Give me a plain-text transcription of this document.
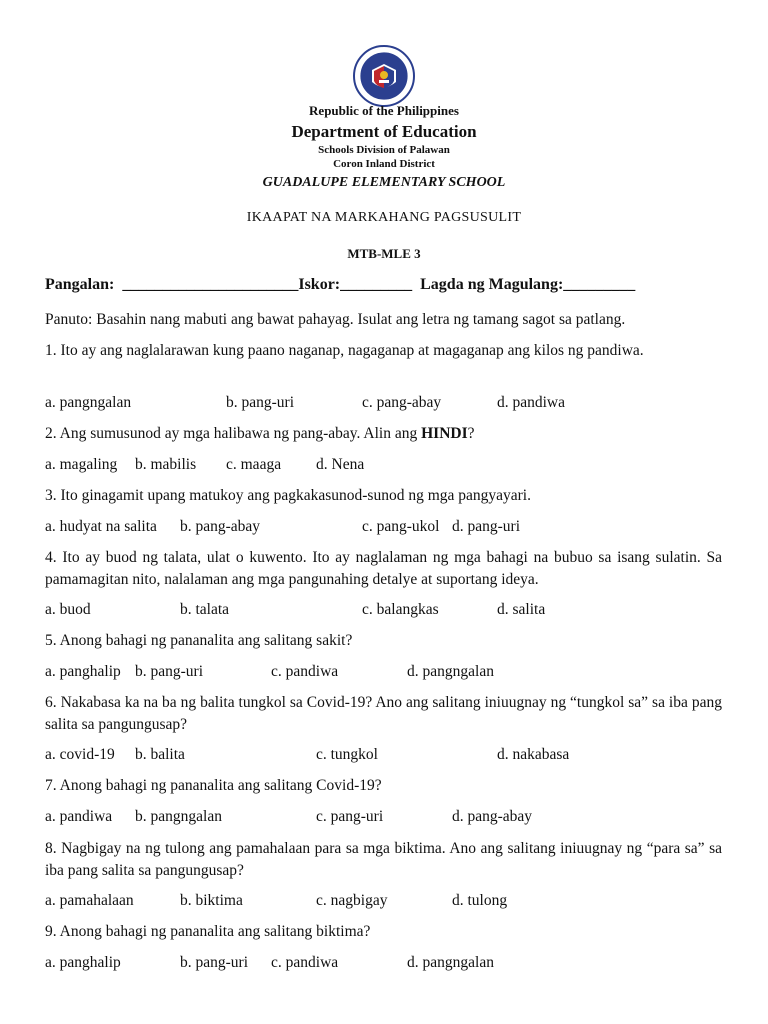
Republic of the Philippines
Department of Education
Schools Division of Palawan
Coron Inland District
GUADALUPE ELEMENTARY SCHOOL
IKAAPAT NA MARKAHANG PAGSUSULIT
MTB-MLE 3
Pangalan: ______________________Iskor:_________ Lagda ng Magulang:_________
Panuto: Basahin nang mabuti ang bawat pahayag. Isulat ang letra ng tamang sagot sa patlang.
1. Ito ay ang naglalarawan kung paano naganap, nagaganap at magaganap ang kilos ng pandiwa.
a. pangngalan	b. pang-uri	c. pang-abay	d. pandiwa
2. Ang sumusunod ay mga halibawa ng pang-abay. Alin ang HINDI?
a. magaling b. mabilis c. maaga d. Nena
3. Ito ginagamit upang matukoy ang pagkakasunod-sunod ng mga pangyayari.
a. hudyat na salita b. pang-abay	c. pang-ukol d. pang-uri
4. Ito ay buod ng talata, ulat o kuwento. Ito ay naglalaman ng mga bahagi na bubuo sa isang sulatin. Sa pamamagitan nito, nalalaman ang mga pangunahing detalye at suportang ideya.
a. buod	b. talata	c. balangkas	d. salita
5. Anong bahagi ng pananalita ang salitang sakit?
a. panghalip b. pang-uri	c. pandiwa	d. pangngalan
6. Nakabasa ka na ba ng balita tungkol sa Covid-19? Ano ang salitang iniuugnay ng “tungkol sa” sa iba pang salita sa pangungusap?
a. covid-19 b. balita	c. tungkol	d. nakabasa
7. Anong bahagi ng pananalita ang salitang Covid-19?
a. pandiwa b. pangngalan	c. pang-uri	d. pang-abay
8. Nagbigay na ng tulong ang pamahalaan para sa mga biktima. Ano ang salitang iniuugnay ng “para sa” sa iba pang salita sa pangungusap?
a. pamahalaan	b. biktima	c. nagbigay	d. tulong
9. Anong bahagi ng pananalita ang salitang biktima?
a. panghalip	b. pang-uri c. pandiwa	d. pangngalan
